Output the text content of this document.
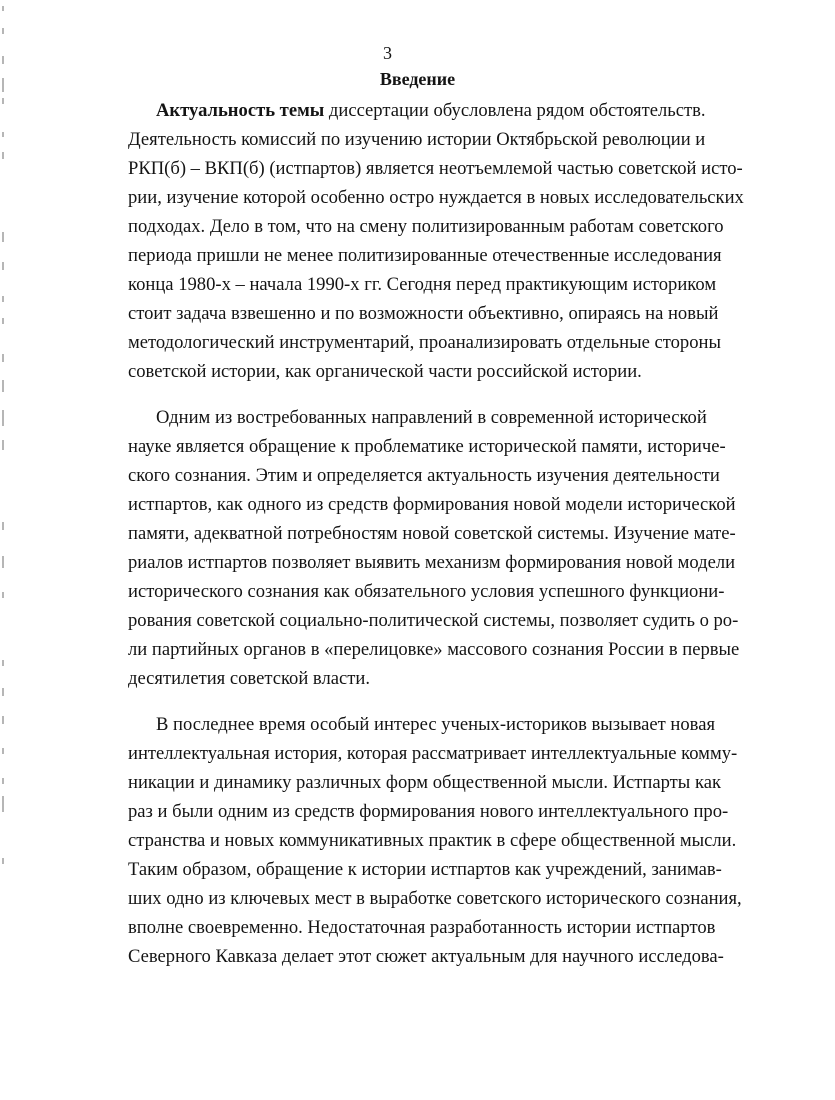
3
Введение
Актуальность темы диссертации обусловлена рядом обстоятельств.
Деятельность комиссий по изучению истории Октябрьской революции и
РКП(б) – ВКП(б) (истпартов) является неотъемлемой частью советской исто-
рии, изучение которой особенно остро нуждается в новых исследовательских
подходах. Дело в том, что на смену политизированным работам советского
периода пришли не менее политизированные отечественные исследования
конца 1980-х – начала 1990-х гг. Сегодня перед практикующим историком
стоит задача взвешенно и по возможности объективно, опираясь на новый
методологический инструментарий, проанализировать отдельные стороны
советской истории, как органической части российской истории.
Одним из востребованных направлений в современной исторической
науке является обращение к проблематике исторической памяти, историче-
ского сознания. Этим и определяется актуальность изучения деятельности
истпартов, как одного из средств формирования новой модели исторической
памяти, адекватной потребностям новой советской системы. Изучение мате-
риалов истпартов позволяет выявить механизм формирования новой модели
исторического сознания как обязательного условия успешного функциони-
рования советской социально-политической системы, позволяет судить о ро-
ли партийных органов в «перелицовке» массового сознания России в первые
десятилетия советской власти.
В последнее время особый интерес ученых-историков вызывает новая
интеллектуальная история, которая рассматривает интеллектуальные комму-
никации и динамику различных форм общественной мысли. Истпарты как
раз и были одним из средств формирования нового интеллектуального про-
странства и новых коммуникативных практик в сфере общественной мысли.
Таким образом, обращение к истории истпартов как учреждений, занимав-
ших одно из ключевых мест в выработке советского исторического сознания,
вполне своевременно. Недостаточная разработанность истории истпартов
Северного Кавказа делает этот сюжет актуальным для научного исследова-
